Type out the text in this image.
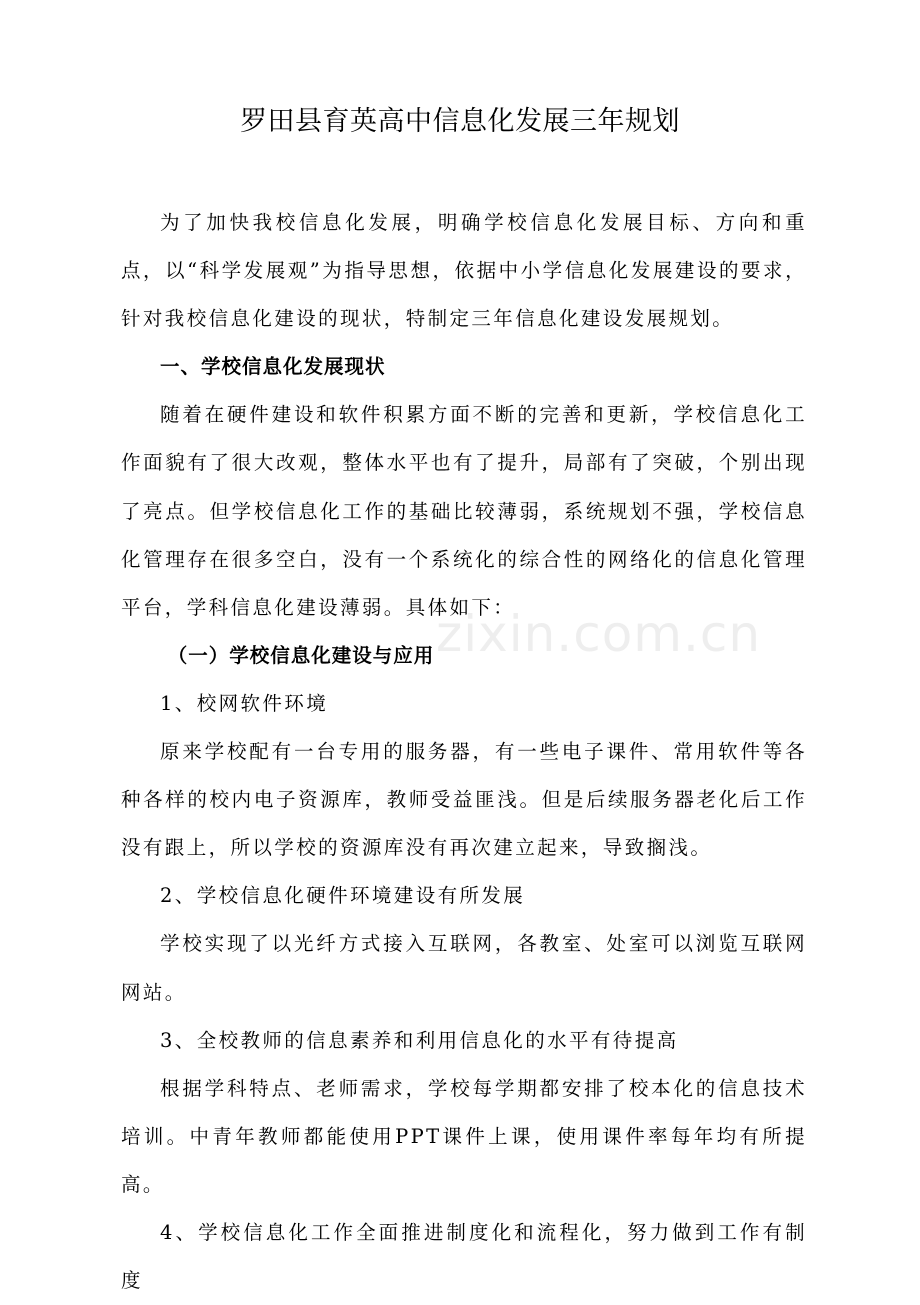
罗田县育英高中信息化发展三年规划

为了加快我校信息化发展，明确学校信息化发展目标、方向和重点，以“科学发展观”为指导思想，依据中小学信息化发展建设的要求，针对我校信息化建设的现状，特制定三年信息化建设发展规划。

一、学校信息化发展现状

随着在硬件建设和软件积累方面不断的完善和更新，学校信息化工作面貌有了很大改观，整体水平也有了提升，局部有了突破，个别出现了亮点。但学校信息化工作的基础比较薄弱，系统规划不强，学校信息化管理存在很多空白，没有一个系统化的综合性的网络化的信息化管理平台，学科信息化建设薄弱。具体如下：

（一）学校信息化建设与应用

1、校网软件环境

原来学校配有一台专用的服务器，有一些电子课件、常用软件等各种各样的校内电子资源库，教师受益匪浅。但是后续服务器老化后工作没有跟上，所以学校的资源库没有再次建立起来，导致搁浅。

2、学校信息化硬件环境建设有所发展

学校实现了以光纤方式接入互联网，各教室、处室可以浏览互联网网站。

3、全校教师的信息素养和利用信息化的水平有待提高

根据学科特点、老师需求，学校每学期都安排了校本化的信息技术培训。中青年教师都能使用PPT课件上课，使用课件率每年均有所提高。

4、学校信息化工作全面推进制度化和流程化，努力做到工作有制度

zixin.com.cn
